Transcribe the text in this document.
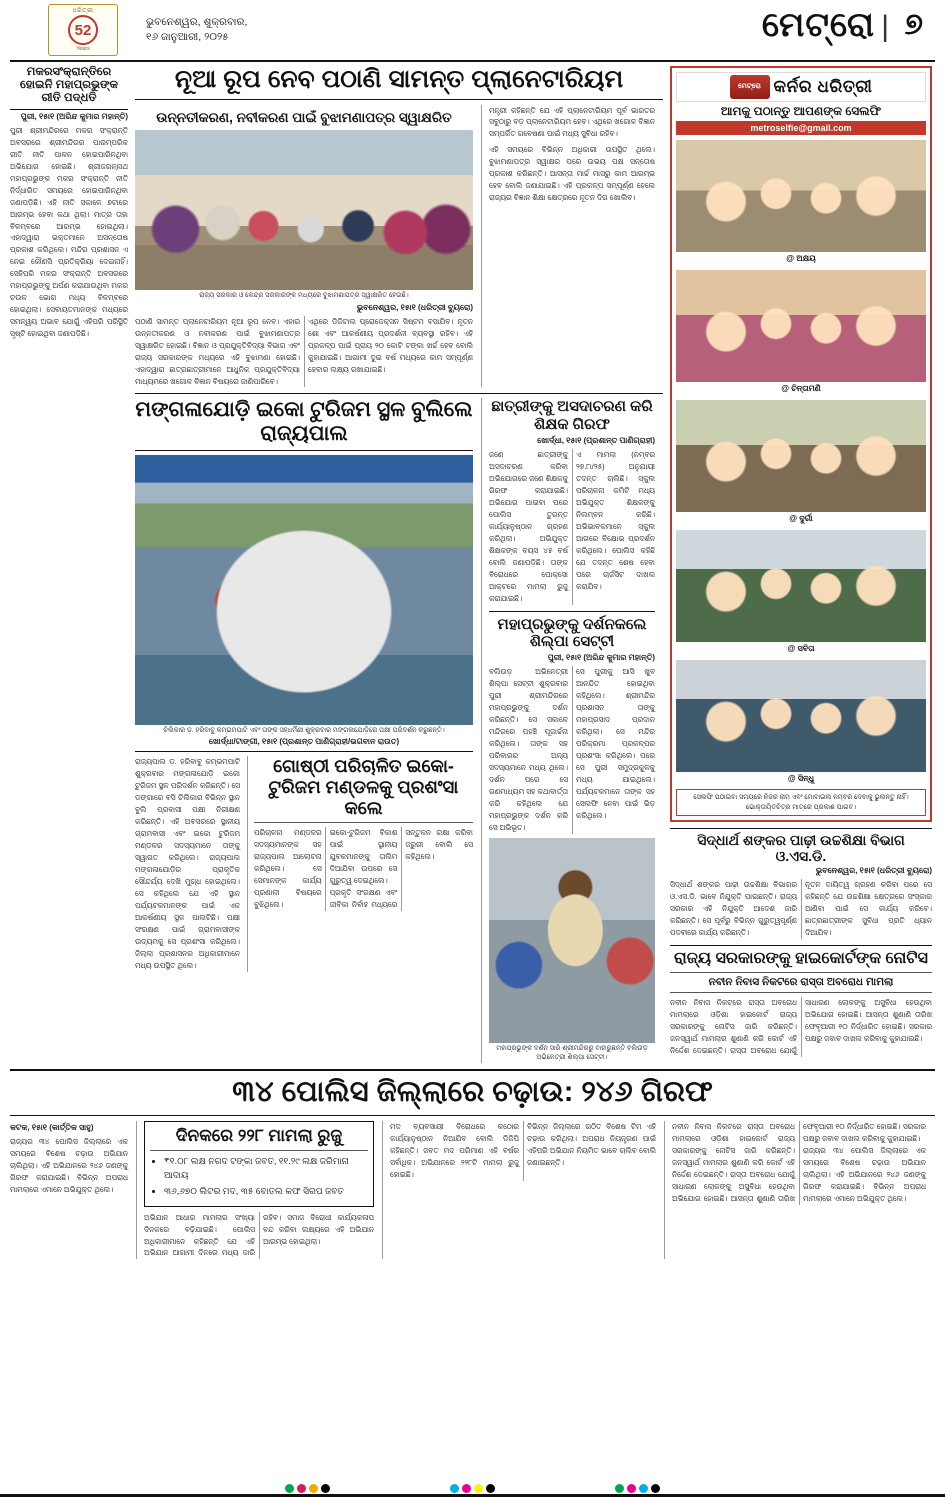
ଧରିତ୍ରୀ
52
Years
ଭୁବନେଶ୍ୱର, ଶୁକ୍ରବାର,
୧୬ ଜାନୁଆରୀ, ୨୦୨୫	ମେଟ୍ରୋ | ୭
ମକରସଂକ୍ରାନ୍ତିରେ ହୋଇନି ମହାପ୍ରଭୁଙ୍କ ରୀତି ପଦ୍ଧତି
ପୁରୀ, ୧୫ା୧ (ଅରିନ୍ଦ କୁମାର ମହାନ୍ତି)
ପୁରୀ ଶ୍ରୀମନ୍ଦିରରେ ମକର ସଂକ୍ରାନ୍ତି ଅବସରରେ ଶ୍ରୀମନ୍ଦିରର ପାରମ୍ପରିକ ରୀତି ନୀତି ପାଳନ ହୋଇପାରିନଥିବା ଅଭିଯୋଗ ହୋଇଛି। ଶ୍ରୀଜଗନ୍ନାଥ ମହାପ୍ରଭୁଙ୍କ ମକର ସଂକ୍ରାନ୍ତି ନୀତି ନିର୍ଦ୍ଧାରିତ ସମୟରେ ହୋଇପାରିନଥିବା ଜଣାପଡ଼ିଛି। ଏହି ନୀତି ସକାଳେ ୭ଟାରେ ଆରମ୍ଭ ହେବା କଥା ଥିଲା। ମାତ୍ର ତାହା ବିଳମ୍ବରେ ଆରମ୍ଭ ହୋଇଥିଲା। ଏହାଦ୍ୱାରା ଭକ୍ତମାନେ ଅସନ୍ତୋଷ ପ୍ରକାଶ କରିଥିଲେ। ମନ୍ଦିର ପ୍ରଶାସନ ଏ ନେଇ କୌଣସି ପ୍ରତିକ୍ରିୟା ଦେଇନାହିଁ। ସେହିପରି ମକର ସଂକ୍ରାନ୍ତି ଅବସରରେ ମହାପ୍ରଭୁଙ୍କୁ ଅର୍ପଣ କରାଯାଉଥିବା ମକର ଚଉଳ ଭୋଗ ମଧ୍ୟ ବିଳମ୍ବରେ ହୋଇଥିଲା। ସେବାୟତମାନଙ୍କ ମଧ୍ୟରେ ସମନ୍ୱୟ ଅଭାବ ଯୋଗୁଁ ଏହିପରି ପରିସ୍ଥିତି ସୃଷ୍ଟି ହୋଇଥିବା ଜଣାପଡ଼ିଛି।
ନୂଆ ରୂପ ନେବ ପଠାଣି ସାମନ୍ତ ପ୍ଲାନେଟାରିୟମ
ଉନ୍ନତୀକରଣ, ନବୀକରଣ ପାଇଁ ବୁଝାମଣାପତ୍ର ସ୍ୱାକ୍ଷରିତ
ରାଜ୍ୟ ସରକାର ଓ କେନ୍ଦ୍ର ସରକାରଙ୍କ ମଧ୍ୟରେ ବୁଝାମଣାପତ୍ର ସ୍ୱାକ୍ଷରିତ ହେଉଛି।
ଭୁବନେଶ୍ୱର, ୧୫ା୧ (ଧରିତ୍ରୀ ବ୍ୟୁରୋ)
ପଠାଣି ସାମନ୍ତ ପ୍ଲାନେଟାରିୟମ ନୂଆ ରୂପ ନେବ। ଏହାର ଉନ୍ନତୀକରଣ ଓ ନବୀକରଣ ପାଇଁ ବୁଝାମଣାପତ୍ର ସ୍ୱାକ୍ଷରିତ ହୋଇଛି। ବିଜ୍ଞାନ ଓ ପ୍ରଯୁକ୍ତିବିଦ୍ୟା ବିଭାଗ ଏବଂ ରାଜ୍ୟ ସରକାରଙ୍କ ମଧ୍ୟରେ ଏହି ବୁଝାମଣା ହୋଇଛି। ଏହାଦ୍ୱାରା ଛାତ୍ରଛାତ୍ରୀମାନେ ଆଧୁନିକ ପ୍ରଯୁକ୍ତିବିଦ୍ୟା ମାଧ୍ୟମରେ ଖଗୋଳ ବିଜ୍ଞାନ ବିଷୟରେ ଜାଣିପାରିବେ।
ଏଥିରେ ଡିଜିଟାଲ ପ୍ରୋଜେକ୍ସନ ସିଷ୍ଟମ ବସାଯିବ। ନୂତନ ଶୋ ଏବଂ ଆକର୍ଷଣୀୟ ପ୍ରଦର୍ଶନୀ ବ୍ୟବସ୍ଥା ରହିବ। ଏହି ପ୍ରକଳ୍ପ ପାଇଁ ପ୍ରାୟ ୨୦ କୋଟି ଟଙ୍କା ଖର୍ଚ୍ଚ ହେବ ବୋଲି କୁହାଯାଇଛି। ଆଗାମୀ ଦୁଇ ବର୍ଷ ମଧ୍ୟରେ କାମ ସମ୍ପୂର୍ଣ୍ଣ ହେବାର ଲକ୍ଷ୍ୟ ରଖାଯାଇଛି।
ମନ୍ତ୍ରୀ କହିଛନ୍ତି ଯେ ଏହି ପ୍ଲାନେଟାରିୟମ ପୂର୍ବ ଭାରତର ସବୁଠାରୁ ବଡ଼ ପ୍ଲାନେଟାରିୟମ ହେବ। ଏଥିରେ ଖଗୋଳ ବିଜ୍ଞାନ ସମ୍ପର୍କିତ ଗବେଷଣା ପାଇଁ ମଧ୍ୟ ସୁବିଧା ରହିବ।
ଏହି ସମୟରେ ବିଭିନ୍ନ ଅଧିକାରୀ ଉପସ୍ଥିତ ଥିଲେ। ବୁଝାମଣାପତ୍ର ସ୍ୱାକ୍ଷର ପରେ ଉଭୟ ପକ୍ଷ ସନ୍ତୋଷ ପ୍ରକାଶ କରିଛନ୍ତି। ଆସନ୍ତା ମାର୍ଚ୍ଚ ମାସରୁ କାମ ଆରମ୍ଭ ହେବ ବୋଲି ଜଣାଯାଇଛି। ଏହି ପ୍ରକଳ୍ପ ସମ୍ପୂର୍ଣ୍ଣ ହେଲେ ରାଜ୍ୟର ବିଜ୍ଞାନ ଶିକ୍ଷା କ୍ଷେତ୍ରରେ ନୂତନ ଦିଗ ଖୋଲିବ।
ମଙ୍ଗଳାଯୋଡ଼ି ଇକୋ ଟୁରିଜମ ସ୍ଥଳ ବୁଲିଲେ ରାଜ୍ୟପାଲ
ଚିଲିକାର ଡ଼. ହରିବାବୁ କମ୍ଭମପାଟି ଏବଂ ତାଙ୍କ ସହଧର୍ମିଣୀ ଶୁକ୍ରବାର ମଙ୍ଗଳାଯୋଡ଼ିରେ ପକ୍ଷୀ ପରିଦର୍ଶନ କରୁଛନ୍ତି।
ଖୋର୍ଦ୍ଧା/ଟାଙ୍ଗୀ, ୧୫ା୧ (ପ୍ରଶାନ୍ତ ପାଣିଗ୍ରାହୀ/ଭଗବାନ ରାଉତ)
ରାଜ୍ୟପାଲ ଡ଼. ହରିବାବୁ କମ୍ଭମପାଟି ଶୁକ୍ରବାର ମଙ୍ଗଳାଯୋଡ଼ି ଇକୋ ଟୁରିଜମ ସ୍ଥଳ ପରିଦର୍ଶନ କରିଛନ୍ତି। ସେ ଡଙ୍ଗାରେ ବସି ଚିଲିକାର ବିଭିନ୍ନ ସ୍ଥାନ ବୁଲି ପ୍ରବାସୀ ପକ୍ଷୀ ନିରୀକ୍ଷଣ କରିଛନ୍ତି। ଏହି ଅବସରରେ ସ୍ଥାନୀୟ ଗ୍ରାମବାସୀ ଏବଂ ଇକୋ ଟୁରିଜମ ମଣ୍ଡଳର ସଦସ୍ୟମାନେ ତାଙ୍କୁ ସ୍ୱାଗତ କରିଥିଲେ। ରାଜ୍ୟପାଲ ମଙ୍ଗଳାଯୋଡ଼ିର ପ୍ରାକୃତିକ ସୌନ୍ଦର୍ଯ୍ୟ ଦେଖି ମୁଗ୍ଧ ହୋଇଥିଲେ। ସେ କହିଥିଲେ ଯେ ଏହି ସ୍ଥାନ ପର୍ଯ୍ୟଟକମାନଙ୍କ ପାଇଁ ଏକ ଆକର୍ଷଣୀୟ ସ୍ଥଳ ପାଲଟିଛି। ପକ୍ଷୀ ସଂରକ୍ଷଣ ପାଇଁ ଗ୍ରାମବାସୀଙ୍କ ଉଦ୍ୟମକୁ ସେ ପ୍ରଶଂସା କରିଥିଲେ। ଜିଲ୍ଲା ପ୍ରଶାସନର ଅଧିକାରୀମାନେ ମଧ୍ୟ ଉପସ୍ଥିତ ଥିଲେ।
ଗୋଷ୍ଠୀ ପରିଚାଳିତ ଇକୋ-ଟୁରିଜମ ମଣ୍ଡଳକୁ ପ୍ରଶଂସା କଲେ
ପରିଚାଳନା ମଣ୍ଡଳର ସଦସ୍ୟମାନଙ୍କ ସହ ରାଜ୍ୟପାଲ ଆଲୋଚନା କରିଥିଲେ। ସେ ସେମାନଙ୍କ କାର୍ଯ୍ୟ ପ୍ରଣାଳୀ ବିଷୟରେ ବୁଝିଥିଲେ।
ଇକୋ-ଟୁରିଜମ ବିକାଶ ପାଇଁ ସ୍ଥାନୀୟ ଯୁବକମାନଙ୍କୁ ତାଲିମ ଦିଆଯିବା ଉପରେ ସେ ଗୁରୁତ୍ୱ ଦେଇଥିଲେ।
ପ୍ରକୃତି ସଂରକ୍ଷଣ ଏବଂ ଜୀବିକା ନିର୍ବାହ ମଧ୍ୟରେ ସନ୍ତୁଳନ ରକ୍ଷା କରିବା ଜରୁରୀ ବୋଲି ସେ କହିଥିଲେ।
ଛାତ୍ରୀଙ୍କୁ ଅସଦାଚରଣ କରି ଶିକ୍ଷକ ଗିରଫ
ଖୋର୍ଦ୍ଧା, ୧୫ା୧ (ପ୍ରଶାନ୍ତ ପାଣିଗ୍ରାହୀ)
ଜଣେ ଛାତ୍ରୀଙ୍କୁ ଅସଦାଚରଣ କରିବା ଅଭିଯୋଗରେ ଜଣେ ଶିକ୍ଷକକୁ ଗିରଫ କରାଯାଇଛି। ଅଭିଯୋଗ ପାଇବା ପରେ ପୋଲିସ ତୁରନ୍ତ କାର୍ଯ୍ୟାନୁଷ୍ଠାନ ଗ୍ରହଣ କରିଥିଲା। ଅଭିଯୁକ୍ତ ଶିକ୍ଷକଙ୍କ ବୟସ ୪୫ ବର୍ଷ ବୋଲି ଜଣାପଡ଼ିଛି। ତାଙ୍କ ବିରୋଧରେ ପୋକ୍ସୋ ଆକ୍ଟରେ ମାମଲା ରୁଜୁ କରାଯାଇଛି।
ଏ ମାମଲା (ନମ୍ବର ୨୭.୮ା/୨୫) ଅନୁଯାୟୀ ତଦନ୍ତ ଚାଲିଛି। ସ୍କୁଲ ପରିଚାଳନା କମିଟି ମଧ୍ୟ ଅଭିଯୁକ୍ତ ଶିକ୍ଷକଙ୍କୁ ନିଲମ୍ବନ କରିଛି। ଅଭିଭାବକମାନେ ସ୍କୁଲ ଆଗରେ ବିକ୍ଷୋଭ ପ୍ରଦର୍ଶନ କରିଥିଲେ। ପୋଲିସ କହିଛି ଯେ ତଦନ୍ତ ଶେଷ ହେବା ପରେ ଚାର୍ଜସିଟ ଦାଖଲ କରାଯିବ।
ମହାପ୍ରଭୁଙ୍କୁ ଦର୍ଶନକଲେ ଶିଲ୍ପା ସେଟ୍ଟୀ
ପୁରୀ, ୧୫ା୧ (ଅରିନ୍ଦ କୁମାର ମହାନ୍ତି)
ବଲିଉଡ଼ ଅଭିନେତ୍ରୀ ଶିଲ୍ପା ସେଟ୍ଟୀ ଶୁକ୍ରବାର ପୁରୀ ଶ୍ରୀମନ୍ଦିରରେ ମହାପ୍ରଭୁଙ୍କୁ ଦର୍ଶନ କରିଛନ୍ତି। ସେ ସକାଳେ ମନ୍ଦିରରେ ପହଞ୍ଚି ପୂଜାର୍ଚ୍ଚନା କରିଥିଲେ। ତାଙ୍କ ସହ ପରିବାରର ଅନ୍ୟ ସଦସ୍ୟମାନେ ମଧ୍ୟ ଥିଲେ। ଦର୍ଶନ ପରେ ସେ ଗଣମାଧ୍ୟମ ସହ କଥାବାର୍ତ୍ତା କରି କହିଥିଲେ ଯେ ମହାପ୍ରଭୁଙ୍କ ଦର୍ଶନ କରି ସେ ଅଭିଭୂତ।
ସେ ପୁରୀକୁ ଆସି ଖୁବ ଆନନ୍ଦିତ ହୋଇଥିବା କହିଥିଲେ। ଶ୍ରୀମନ୍ଦିର ପ୍ରଶାସନ ତାଙ୍କୁ ମହାପ୍ରସାଦ ପ୍ରଦାନ କରିଥିଲା। ସେ ମନ୍ଦିର ପରିକ୍ରମା ପ୍ରକଳ୍ପର ପ୍ରଶଂସା କରିଥିଲେ। ପରେ ସେ ପୁରୀ ସମୁଦ୍ରକୁଳକୁ ମଧ୍ୟ ଯାଇଥିଲେ। ପର୍ଯ୍ୟଟକମାନେ ତାଙ୍କ ସହ ସେଲଫି ନେବା ପାଇଁ ଭିଡ଼ କରିଥିଲେ।
ମହାପ୍ରଭୁଙ୍କ ଦର୍ଶନ ସାରି ଶ୍ରୀମନ୍ଦିରରୁ ବାହାରୁଛନ୍ତି ବଲିଉଡ଼ ଅଭିନେତ୍ରୀ ଶିଲ୍ପା ସେଟ୍ଟୀ।
ମେଟ୍ରୋ କର୍ନର ଧରିତ୍ରୀ
ଆମକୁ ପଠାନ୍ତୁ ଆପଣଙ୍କ ସେଲଫି
metroselfie@gmail.com
@ ଅକ୍ଷୟ
@ ଚିନ୍ତାମଣି
@ ଦୁର୍ଗା
@ ସବିତା
@ ସିନ୍ଧୁ
ସେଲଫି ପଠାଇବା ସମୟରେ ନିଜର ନାମ ଏବଂ ମୋବାଇଲ ନମ୍ବର ଦେବାକୁ ଭୁଲନ୍ତୁ ନାହିଁ। ଭୋକ୍ତାୟିତଚିତ୍ର ମାତ୍ରେ ପ୍ରକାଶ ପାଇବ।
ସିଦ୍ଧାର୍ଥ ଶଙ୍କର ପାଢ଼ୀ ଉଚ୍ଚଶିକ୍ଷା ବିଭାଗ ଓ.ଏସ.ଡି.
ଭୁବନେଶ୍ୱର, ୧୫ା୧ (ଧରିତ୍ରୀ ବ୍ୟୁରୋ)
ସିଦ୍ଧାର୍ଥ ଶଙ୍କର ପାଢ଼ୀ ଉଚ୍ଚଶିକ୍ଷା ବିଭାଗର ଓ.ଏସ.ଡି. ଭାବେ ନିଯୁକ୍ତି ପାଇଛନ୍ତି। ରାଜ୍ୟ ସରକାର ଏହି ନିଯୁକ୍ତି ଆଦେଶ ଜାରି କରିଛନ୍ତି। ସେ ପୂର୍ବରୁ ବିଭିନ୍ନ ଗୁରୁତ୍ୱପୂର୍ଣ୍ଣ ପଦବୀରେ କାର୍ଯ୍ୟ କରିଛନ୍ତି।
ନୂତନ ଦାୟିତ୍ୱ ଗ୍ରହଣ କରିବା ପରେ ସେ କହିଛନ୍ତି ଯେ ଉଚ୍ଚଶିକ୍ଷା କ୍ଷେତ୍ରରେ ସଂସ୍କାର ଆଣିବା ପାଇଁ ସେ କାର୍ଯ୍ୟ କରିବେ। ଛାତ୍ରଛାତ୍ରୀଙ୍କ ସୁବିଧା ପ୍ରତି ଧ୍ୟାନ ଦିଆଯିବ।
ରାଜ୍ୟ ସରକାରଙ୍କୁ ହାଇକୋର୍ଟଙ୍କ ନୋଟିସ
ନବୀନ ନିବାସ ନିକଟରେ ରାସ୍ତା ଅବରୋଧ ମାମଲା
ନବୀନ ନିବାସ ନିକଟରେ ରାସ୍ତା ଅବରୋଧ ମାମଲାରେ ଓଡ଼ିଶା ହାଇକୋର୍ଟ ରାଜ୍ୟ ସରକାରଙ୍କୁ ନୋଟିସ ଜାରି କରିଛନ୍ତି। ଜନସ୍ୱାର୍ଥ ମାମଲାର ଶୁଣାଣି କରି କୋର୍ଟ ଏହି ନିର୍ଦ୍ଦେଶ ଦେଇଛନ୍ତି। ରାସ୍ତା ଅବରୋଧ ଯୋଗୁଁ ସାଧାରଣ ଲୋକଙ୍କୁ ଅସୁବିଧା ହେଉଥିବା ଅଭିଯୋଗ ହୋଇଛି। ଆସନ୍ତା ଶୁଣାଣି ତାରିଖ ଫେବୃଆରୀ ୧୦ ନିର୍ଦ୍ଧାରିତ ହୋଇଛି। ସରକାର ପକ୍ଷରୁ ଜବାବ ଦାଖଲ କରିବାକୁ କୁହାଯାଇଛି।
୩୪ ପୋଲିସ ଜିଲ୍ଲାରେ ଚଢ଼ାଉ: ୨୪୬ ଗିରଫ
କଟକ, ୧୫ା୧ (କାର୍ତ୍ତିକ ସାହୁ)
ରାଜ୍ୟର ୩୪ ପୋଲିସ ଜିଲ୍ଲାରେ ଏକ ସମୟରେ ବିଶେଷ ଚଢ଼ାଉ ଅଭିଯାନ ଚାଲିଥିଲା। ଏହି ଅଭିଯାନରେ ୨୪୬ ଜଣଙ୍କୁ ଗିରଫ କରାଯାଇଛି। ବିଭିନ୍ନ ଅପରାଧ ମାମଲାରେ ଏମାନେ ଅଭିଯୁକ୍ତ ଥିଲେ।
ଦିନକରେ ୨୨୮ ମାମଲା ରୁଜୁ
• ₹୧.୦୮ ଲକ୍ଷ ନଗଦ ଟଙ୍କା ଜବତ, ୧୧.୨୯ ଲକ୍ଷ ଜରିମାନା ଆଦାୟ
• ୩୬,୬୭୦ ଲିଟର ମଦ, ୩୫ ବୋତଲ କଫ ସିରପ ଜବତ
ଅଭିଯାନ ଆଧାର ମାମଲାର ସଂଖ୍ୟା ଦିନକରେ ବଢ଼ିଯାଇଛି। ପୋଲିସ ଅଧିକାରୀମାନେ କହିଛନ୍ତି ଯେ ଏହି ଅଭିଯାନ ଆଗାମୀ ଦିନରେ ମଧ୍ୟ ଜାରି ରହିବ। ସମାଜ ବିରୋଧୀ କାର୍ଯ୍ୟକଳାପ ବନ୍ଦ କରିବା ଲକ୍ଷ୍ୟରେ ଏହି ଅଭିଯାନ ଆରମ୍ଭ ହୋଇଥିଲା।
ମଦ ବ୍ୟବସାୟୀ ବିରୋଧରେ କଠୋର କାର୍ଯ୍ୟାନୁଷ୍ଠାନ ନିଆଯିବ ବୋଲି ଡିଜିପି କହିଛନ୍ତି। ଜବତ ମଦ ପରିମାଣ ଏହି ବର୍ଷର ସର୍ବାଧିକ। ଅଭିଯାନରେ ୨୨୮ଟି ମାମଲା ରୁଜୁ ହୋଇଛି।
ବିଭିନ୍ନ ଜିଲ୍ଲାରେ ଗଠିତ ବିଶେଷ ଟିମ ଏହି ଚଢ଼ାଉ କରିଥିଲା। ଅପରାଧ ନିୟନ୍ତ୍ରଣ ପାଇଁ ଏହିପରି ଅଭିଯାନ ନିୟମିତ ଭାବେ ଚାଲିବ ବୋଲି ଜଣାଇଛନ୍ତି।
ନବୀନ ନିବାସ ନିକଟରେ ରାସ୍ତା ଅବରୋଧ ମାମଲାରେ ଓଡ଼ିଶା ହାଇକୋର୍ଟ ରାଜ୍ୟ ସରକାରଙ୍କୁ ନୋଟିସ ଜାରି କରିଛନ୍ତି। ଜନସ୍ୱାର୍ଥ ମାମଲାର ଶୁଣାଣି କରି କୋର୍ଟ ଏହି ନିର୍ଦ୍ଦେଶ ଦେଇଛନ୍ତି। ରାସ୍ତା ଅବରୋଧ ଯୋଗୁଁ ସାଧାରଣ ଲୋକଙ୍କୁ ଅସୁବିଧା ହେଉଥିବା ଅଭିଯୋଗ ହୋଇଛି। ଆସନ୍ତା ଶୁଣାଣି ତାରିଖ ଫେବୃଆରୀ ୧୦ ନିର୍ଦ୍ଧାରିତ ହୋଇଛି। ସରକାର ପକ୍ଷରୁ ଜବାବ ଦାଖଲ କରିବାକୁ କୁହାଯାଇଛି।
ରାଜ୍ୟର ୩୪ ପୋଲିସ ଜିଲ୍ଲାରେ ଏକ ସମୟରେ ବିଶେଷ ଚଢ଼ାଉ ଅଭିଯାନ ଚାଲିଥିଲା। ଏହି ଅଭିଯାନରେ ୨୪୬ ଜଣଙ୍କୁ ଗିରଫ କରାଯାଇଛି। ବିଭିନ୍ନ ଅପରାଧ ମାମଲାରେ ଏମାନେ ଅଭିଯୁକ୍ତ ଥିଲେ।
